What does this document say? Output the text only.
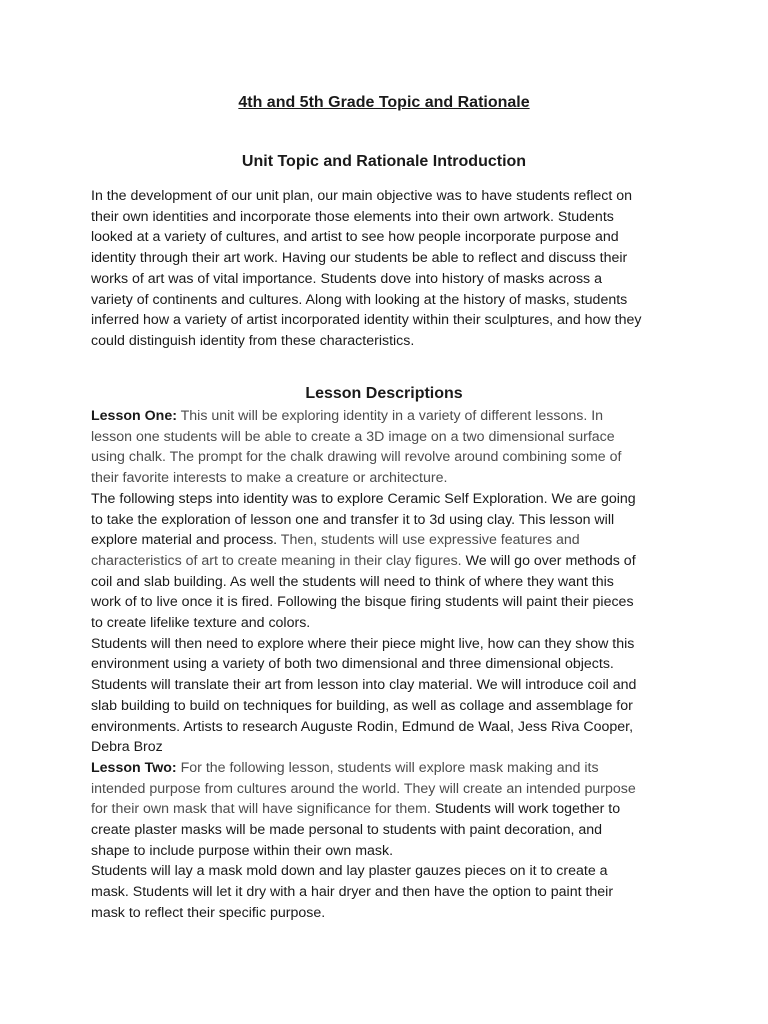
4th and 5th Grade Topic and Rationale
Unit Topic and Rationale Introduction
In the development of our unit plan, our main objective was to have students reflect on
their own identities and incorporate those elements into their own artwork. Students
looked at a variety of cultures, and artist to see how people incorporate purpose and
identity through their art work. Having our students be able to reflect and discuss their
works of art was of vital importance. Students dove into history of masks across a
variety of continents and cultures. Along with looking at the history of masks, students
inferred how a variety of artist incorporated identity within their sculptures, and how they
could distinguish identity from these characteristics.
Lesson Descriptions
Lesson One: This unit will be exploring identity in a variety of different lessons. In
lesson one students will be able to create a 3D image on a two dimensional surface
using chalk. The prompt for the chalk drawing will revolve around combining some of
their favorite interests to make a creature or architecture.
The following steps into identity was to explore Ceramic Self Exploration. We are going
to take the exploration of lesson one and transfer it to 3d using clay. This lesson will
explore material and process. Then, students will use expressive features and
characteristics of art to create meaning in their clay figures. We will go over methods of
coil and slab building. As well the students will need to think of where they want this
work of to live once it is fired. Following the bisque firing students will paint their pieces
to create lifelike texture and colors.
Students will then need to explore where their piece might live, how can they show this
environment using a variety of both two dimensional and three dimensional objects.
Students will translate their art from lesson into clay material. We will introduce coil and
slab building to build on techniques for building, as well as collage and assemblage for
environments. Artists to research Auguste Rodin, Edmund de Waal, Jess Riva Cooper,
Debra Broz
Lesson Two: For the following lesson, students will explore mask making and its
intended purpose from cultures around the world. They will create an intended purpose
for their own mask that will have significance for them. Students will work together to
create plaster masks will be made personal to students with paint decoration, and
shape to include purpose within their own mask.
Students will lay a mask mold down and lay plaster gauzes pieces on it to create a
mask. Students will let it dry with a hair dryer and then have the option to paint their
mask to reflect their specific purpose.
